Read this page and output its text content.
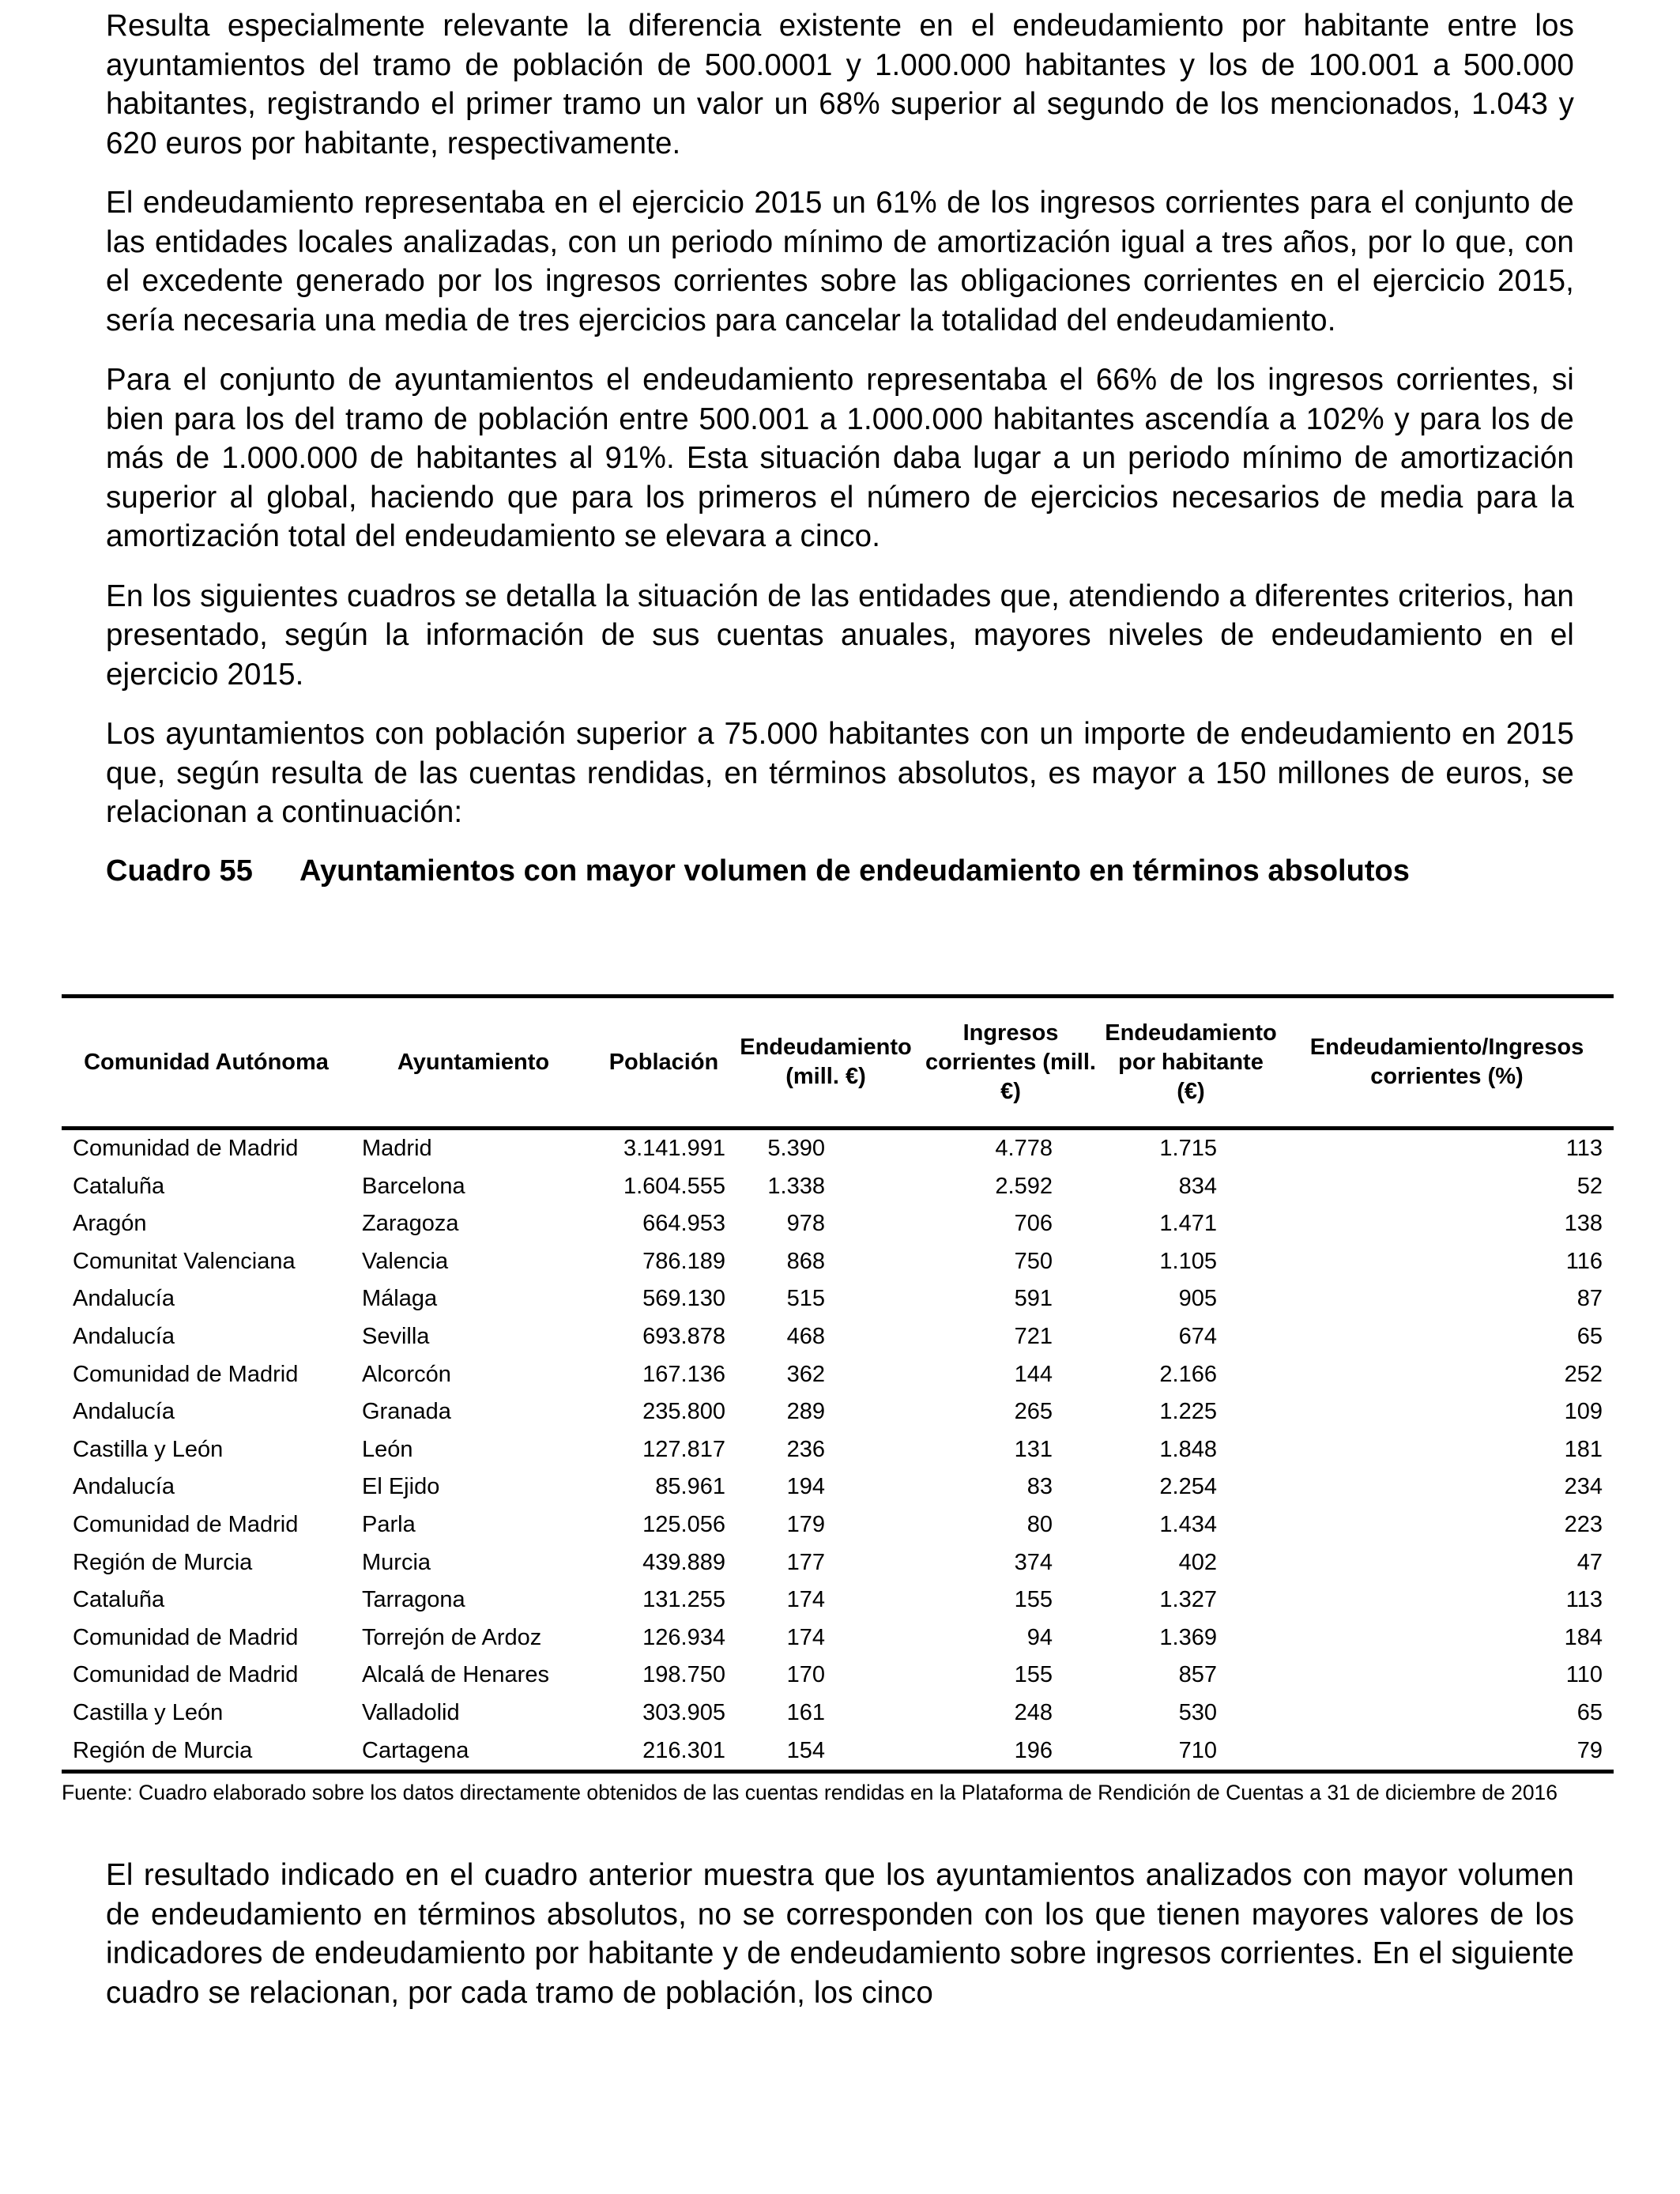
Resulta especialmente relevante la diferencia existente en el endeudamiento por habitante entre los ayuntamientos del tramo de población de 500.0001 y 1.000.000 habitantes y los de 100.001 a 500.000 habitantes, registrando el primer tramo un valor un 68% superior al segundo de los mencionados, 1.043 y 620 euros por habitante, respectivamente.

El endeudamiento representaba en el ejercicio 2015 un 61% de los ingresos corrientes para el conjunto de las entidades locales analizadas, con un periodo mínimo de amortización igual a tres años, por lo que, con el excedente generado por los ingresos corrientes sobre las obligaciones corrientes en el ejercicio 2015, sería necesaria una media de tres ejercicios para cancelar la totalidad del endeudamiento.

Para el conjunto de ayuntamientos el endeudamiento representaba el 66% de los ingresos corrientes, si bien para los del tramo de población entre 500.001 a 1.000.000 habitantes ascendía a 102% y para los de más de 1.000.000 de habitantes al 91%. Esta situación daba lugar a un periodo mínimo de amortización superior al global, haciendo que para los primeros el número de ejercicios necesarios de media para la amortización total del endeudamiento se elevara a cinco.

En los siguientes cuadros se detalla la situación de las entidades que, atendiendo a diferentes criterios, han presentado, según la información de sus cuentas anuales, mayores niveles de endeudamiento en el ejercicio 2015.

Los ayuntamientos con población superior a 75.000 habitantes con un importe de endeudamiento en 2015 que, según resulta de las cuentas rendidas, en términos absolutos, es mayor a 150 millones de euros, se relacionan a continuación:

Cuadro 55 Ayuntamientos con mayor volumen de endeudamiento en términos absolutos
Comunidad Autónoma	Ayuntamiento	Población	Endeudamiento (mill. €)	Ingresos corrientes (mill. €)	Endeudamiento por habitante (€)	Endeudamiento/Ingresos corrientes (%)
Comunidad de Madrid	Madrid	3.141.991	5.390	4.778	1.715	113
Cataluña	Barcelona	1.604.555	1.338	2.592	834	52
Aragón	Zaragoza	664.953	978	706	1.471	138
Comunitat Valenciana	Valencia	786.189	868	750	1.105	116
Andalucía	Málaga	569.130	515	591	905	87
Andalucía	Sevilla	693.878	468	721	674	65
Comunidad de Madrid	Alcorcón	167.136	362	144	2.166	252
Andalucía	Granada	235.800	289	265	1.225	109
Castilla y León	León	127.817	236	131	1.848	181
Andalucía	El Ejido	85.961	194	83	2.254	234
Comunidad de Madrid	Parla	125.056	179	80	1.434	223
Región de Murcia	Murcia	439.889	177	374	402	47
Cataluña	Tarragona	131.255	174	155	1.327	113
Comunidad de Madrid	Torrejón de Ardoz	126.934	174	94	1.369	184
Comunidad de Madrid	Alcalá de Henares	198.750	170	155	857	110
Castilla y León	Valladolid	303.905	161	248	530	65
Región de Murcia	Cartagena	216.301	154	196	710	79
Fuente: Cuadro elaborado sobre los datos directamente obtenidos de las cuentas rendidas en la Plataforma de Rendición de Cuentas a 31 de diciembre de 2016

El resultado indicado en el cuadro anterior muestra que los ayuntamientos analizados con mayor volumen de endeudamiento en términos absolutos, no se corresponden con los que tienen mayores valores de los indicadores de endeudamiento por habitante y de endeudamiento sobre ingresos corrientes. En el siguiente cuadro se relacionan, por cada tramo de población, los cinco
